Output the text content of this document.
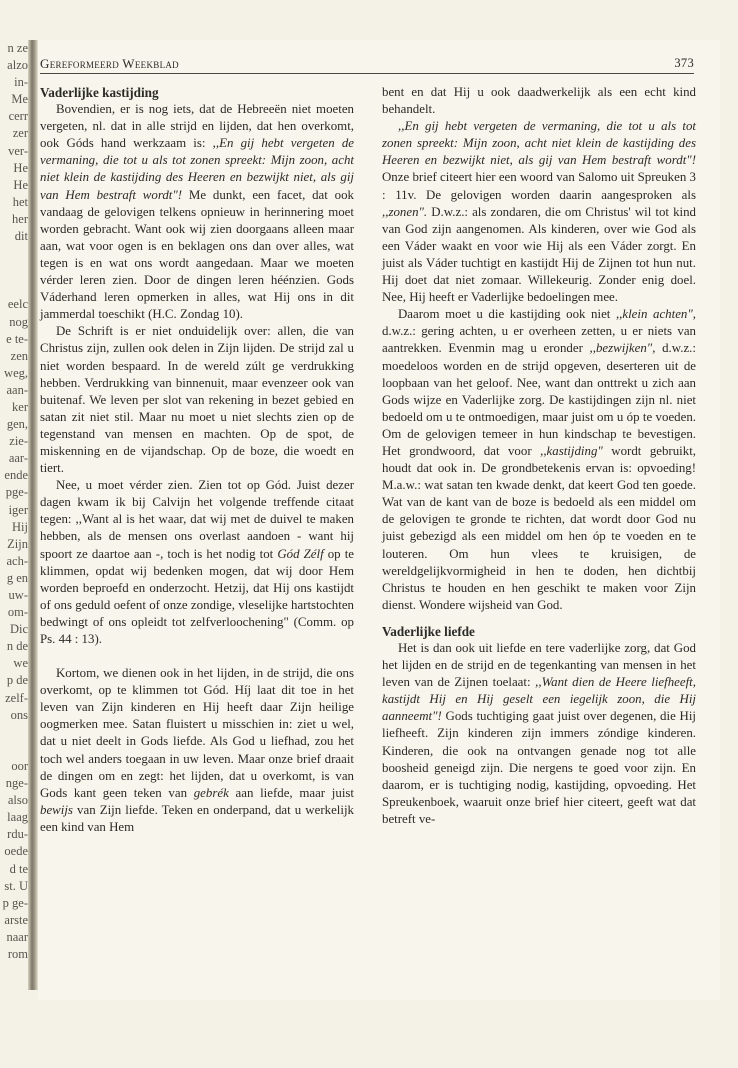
n ze
alzo
in-
Me
cerr
zer
ver-
He
He
het
her
dit

eelc
nog
e te-
zen
weg,
aan-
ker
gen,
zie-
aar-
ende
pge-
iger
Hij
Zijn
ach-
g en
uw-
om-
Dic
n de
we
p de
zelf-
ons

oor
nge-
also
laag
rdu-
oede
d te
st. U
p ge-
arste
naar
rom
Gereformeerd Weekblad	373
Vaderlijke kastijding

Bovendien, er is nog iets, dat de Hebreeën niet moeten vergeten, nl. dat in alle strijd en lijden, dat hen overkomt, ook Góds hand werkzaam is: ,,En gij hebt vergeten de vermaning, die tot u als tot zonen spreekt: Mijn zoon, acht niet klein de kastijding des Heeren en bezwijkt niet, als gij van Hem bestraft wordt"! Me dunkt, een facet, dat ook vandaag de gelovigen telkens opnieuw in herinnering moet worden gebracht. Want ook wij zien doorgaans alleen maar aan, wat voor ogen is en beklagen ons dan over alles, wat tegen is en wat ons wordt aangedaan. Maar we moeten vérder leren zien. Door de dingen leren héénzien. Gods Váderhand leren opmerken in alles, wat Hij ons in dit jammerdal toeschikt (H.C. Zondag 10).

De Schrift is er niet onduidelijk over: allen, die van Christus zijn, zullen ook delen in Zijn lijden. De strijd zal u niet worden bespaard. In de wereld zúlt ge verdrukking hebben. Verdrukking van binnenuit, maar evenzeer ook van buitenaf. We leven per slot van rekening in bezet gebied en satan zit niet stil. Maar nu moet u niet slechts zien op de tegenstand van mensen en machten. Op de spot, de miskenning en de vijandschap. Op de boze, die woedt en tiert.

Nee, u moet vérder zien. Zien tot op Gód. Juist dezer dagen kwam ik bij Calvijn het volgende treffende citaat tegen: ,,Want al is het waar, dat wij met de duivel te maken hebben, als de mensen ons overlast aandoen - want hij spoort ze daartoe aan -, toch is het nodig tot Gód Zélf op te klimmen, opdat wij bedenken mogen, dat wij door Hem worden beproefd en onderzocht. Hetzij, dat Hij ons kastijdt of ons geduld oefent of onze zondige, vleselijke hartstochten bedwingt of ons opleidt tot zelfverloochening" (Comm. op Ps. 44 : 13).

Kortom, we dienen ook in het lijden, in de strijd, die ons overkomt, op te klimmen tot Gód. Híj laat dit toe in het leven van Zijn kinderen en Hij heeft daar Zijn heilige oogmerken mee. Satan fluistert u misschien in: ziet u wel, dat u niet deelt in Gods liefde. Als God u liefhad, zou het toch wel anders toegaan in uw leven. Maar onze brief draait de dingen om en zegt: het lijden, dat u overkomt, is van Gods kant geen teken van gebrék aan liefde, maar juist bewijs van Zijn liefde. Teken en onderpand, dat u werkelijk een kind van Hem

bent en dat Hij u ook daadwerkelijk als een echt kind behandelt.

,,En gij hebt vergeten de vermaning, die tot u als tot zonen spreekt: Mijn zoon, acht niet klein de kastijding des Heeren en bezwijkt niet, als gij van Hem bestraft wordt"! Onze brief citeert hier een woord van Salomo uit Spreuken 3 : 11v. De gelovigen worden daarin aangesproken als ,,zonen". D.w.z.: als zondaren, die om Christus' wil tot kind van God zijn aangenomen. Als kinderen, over wie God als een Váder waakt en voor wie Hij als een Váder zorgt. En juist als Váder tuchtigt en kastijdt Hij de Zijnen tot hun nut. Hij doet dat niet zomaar. Willekeurig. Zonder enig doel. Nee, Hij heeft er Vaderlijke bedoelingen mee.

Daarom moet u die kastijding ook niet ,,klein achten", d.w.z.: gering achten, u er overheen zetten, u er niets van aantrekken. Evenmin mag u eronder ,,bezwijken", d.w.z.: moedeloos worden en de strijd opgeven, deserteren uit de loopbaan van het geloof. Nee, want dan onttrekt u zich aan Gods wijze en Vaderlijke zorg. De kastijdingen zijn nl. niet bedoeld om u te ontmoedigen, maar juist om u óp te voeden. Om de gelovigen temeer in hun kindschap te bevestigen. Het grondwoord, dat voor ,,kastijding" wordt gebruikt, houdt dat ook in. De grondbetekenis ervan is: opvoeding! M.a.w.: wat satan ten kwade denkt, dat keert God ten goede. Wat van de kant van de boze is bedoeld als een middel om de gelovigen te gronde te richten, dat wordt door God nu juist gebezigd als een middel om hen óp te voeden en te louteren. Om hun vlees te kruisigen, de wereldgelijkvormigheid in hen te doden, hen dichtbij Christus te houden en hen geschikt te maken voor Zijn dienst. Wondere wijsheid van God.

Vaderlijke liefde

Het is dan ook uit liefde en tere vaderlijke zorg, dat God het lijden en de strijd en de tegenkanting van mensen in het leven van de Zijnen toelaat: ,,Want dien de Heere liefheeft, kastijdt Hij en Hij geselt een iegelijk zoon, die Hij aanneemt"! Gods tuchtiging gaat juist over degenen, die Hij liefheeft. Zijn kinderen zijn immers zóndige kinderen. Kinderen, die ook na ontvangen genade nog tot alle boosheid geneigd zijn. Die nergens te goed voor zijn. En daarom, er is tuchtiging nodig, kastijding, opvoeding. Het Spreukenboek, waaruit onze brief hier citeert, geeft wat dat betreft ve-
